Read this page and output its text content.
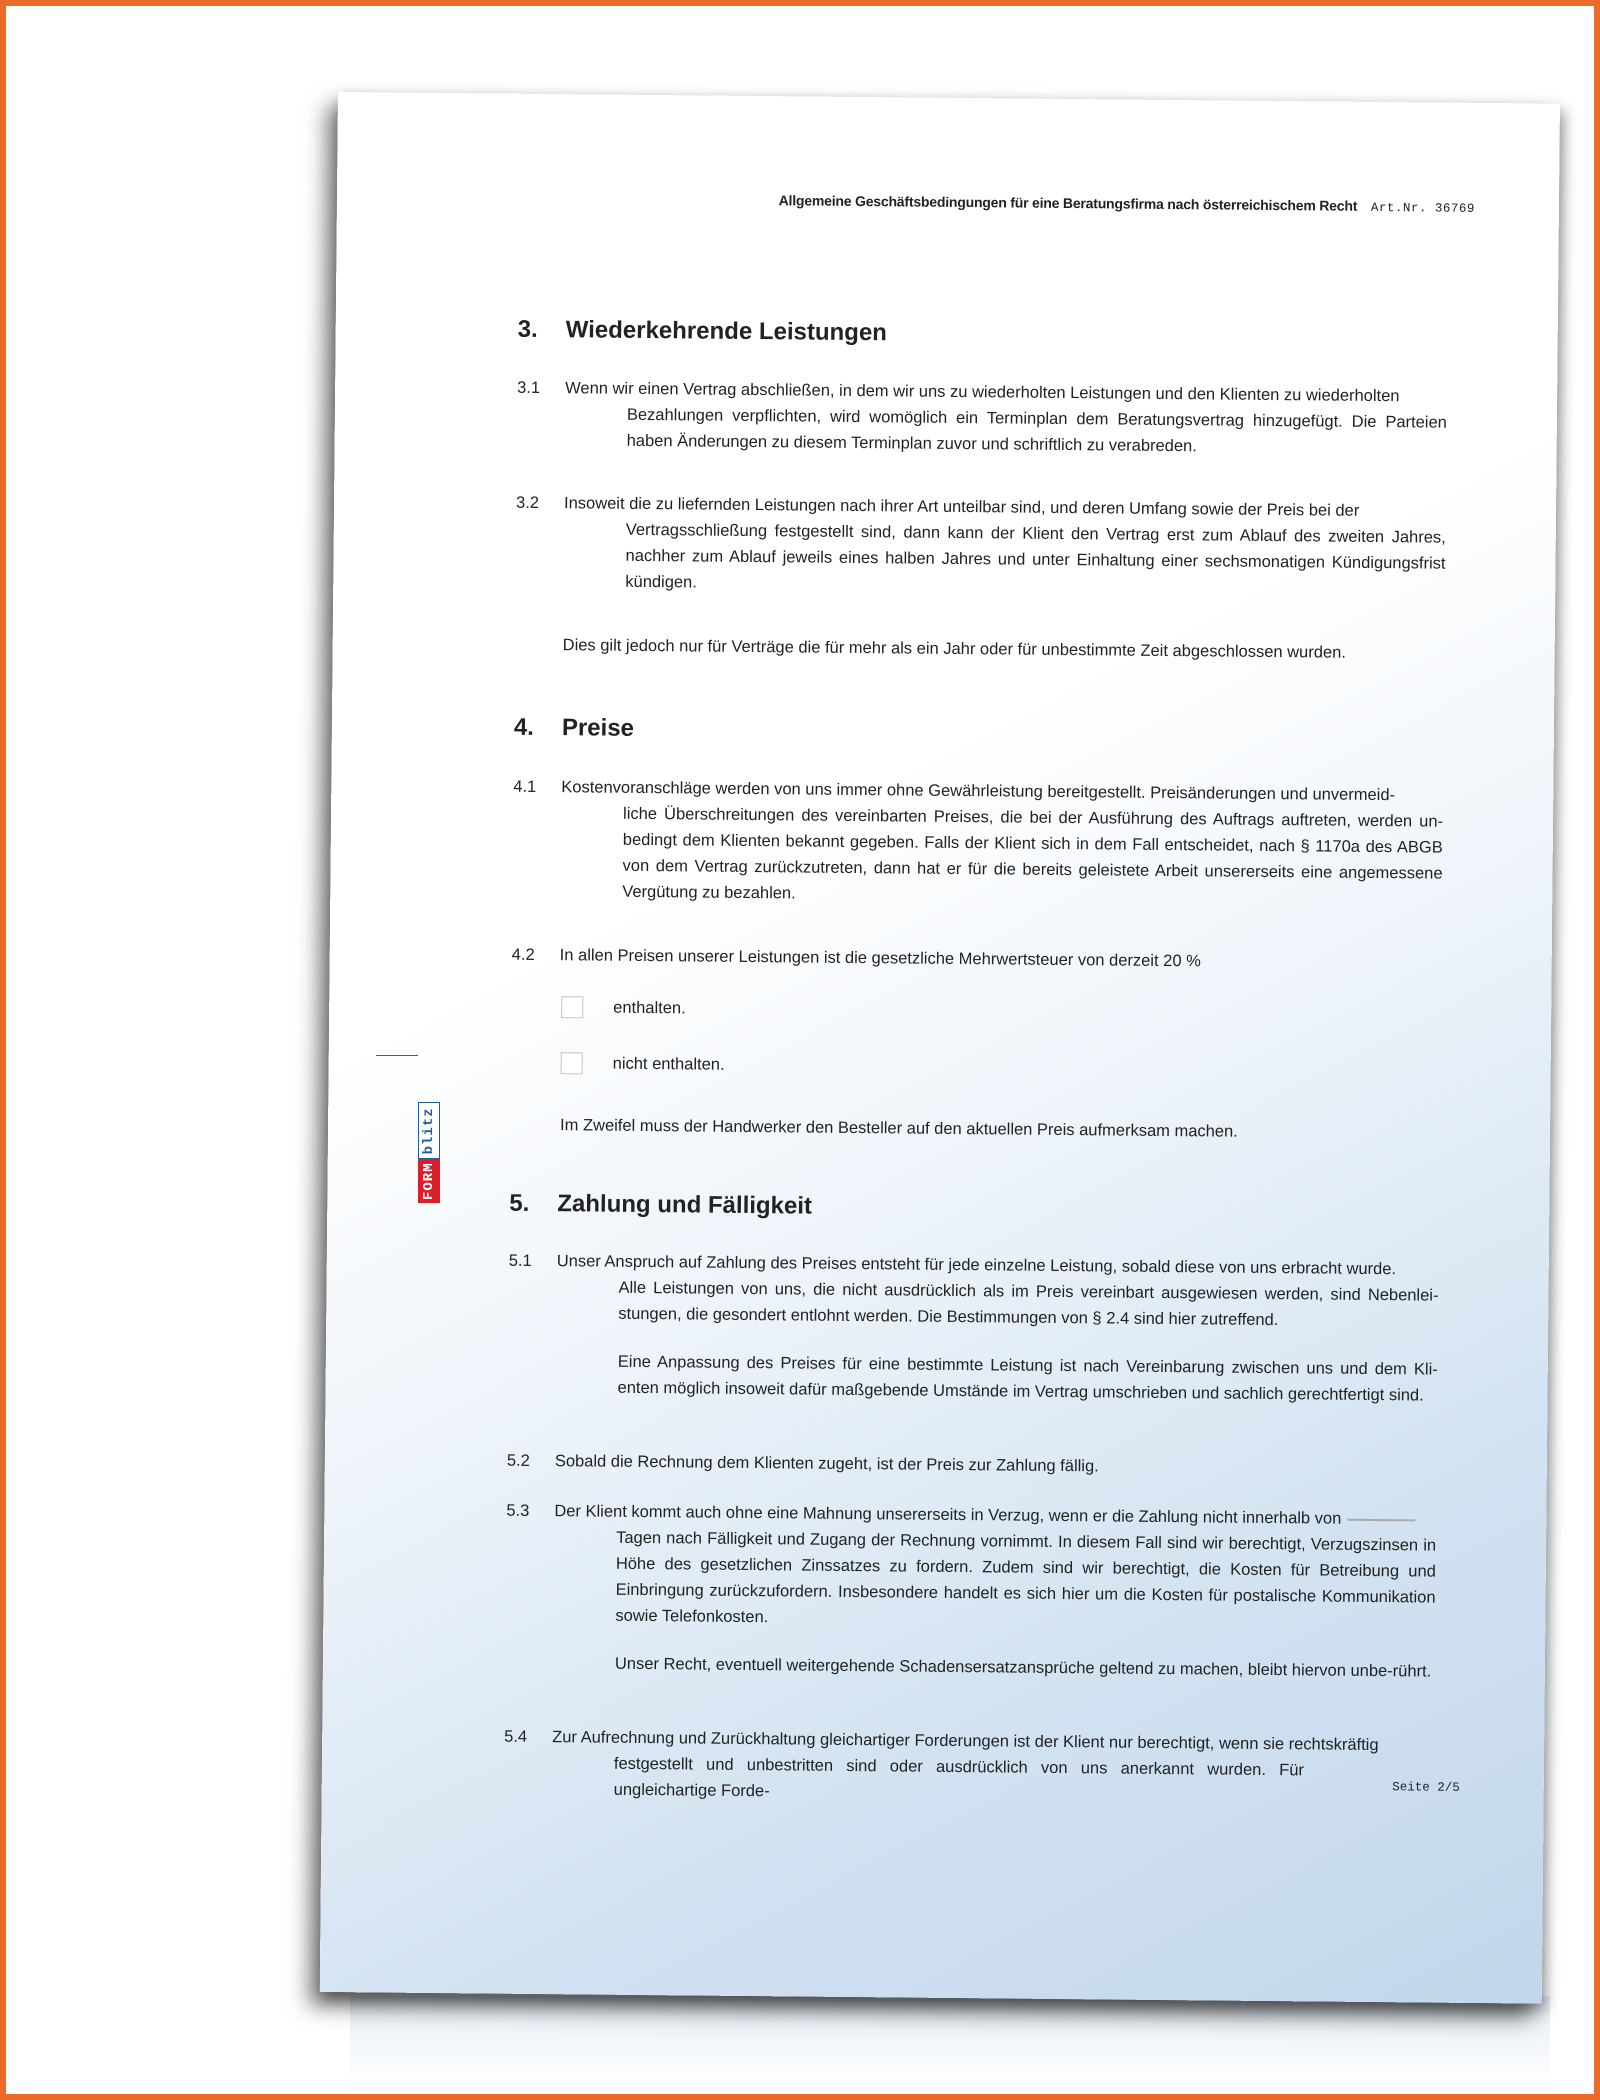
Allgemeine Geschäftsbedingungen für eine Beratungsfirma nach österreichischem Recht Art.Nr. 36769
3. Wiederkehrende Leistungen
3.1 Wenn wir einen Vertrag abschließen, in dem wir uns zu wiederholten Leistungen und den Klienten zu wiederholten
Bezahlungen verpflichten, wird womöglich ein Terminplan dem Beratungsvertrag hinzugefügt. Die Parteien haben Änderungen zu diesem Terminplan zuvor und schriftlich zu verabreden.
3.2 Insoweit die zu liefernden Leistungen nach ihrer Art unteilbar sind, und deren Umfang sowie der Preis bei der
Vertragsschließung festgestellt sind, dann kann der Klient den Vertrag erst zum Ablauf des zweiten Jahres, nachher zum Ablauf jeweils eines halben Jahres und unter Einhaltung einer sechsmonatigen Kündigungsfrist kündigen.
Dies gilt jedoch nur für Verträge die für mehr als ein Jahr oder für unbestimmte Zeit abgeschlossen wurden.
4. Preise
4.1 Kostenvoranschläge werden von uns immer ohne Gewährleistung bereitgestellt. Preisänderungen und unvermeid-
liche Überschreitungen des vereinbarten Preises, die bei der Ausführung des Auftrags auftreten, werden un-bedingt dem Klienten bekannt gegeben. Falls der Klient sich in dem Fall entscheidet, nach § 1170a des ABGB von dem Vertrag zurückzutreten, dann hat er für die bereits geleistete Arbeit unsererseits eine angemessene Vergütung zu bezahlen.
4.2 In allen Preisen unserer Leistungen ist die gesetzliche Mehrwertsteuer von derzeit 20 %
enthalten.
nicht enthalten.
Im Zweifel muss der Handwerker den Besteller auf den aktuellen Preis aufmerksam machen.
5. Zahlung und Fälligkeit
5.1 Unser Anspruch auf Zahlung des Preises entsteht für jede einzelne Leistung, sobald diese von uns erbracht wurde.
Alle Leistungen von uns, die nicht ausdrücklich als im Preis vereinbart ausgewiesen werden, sind Nebenlei-stungen, die gesondert entlohnt werden. Die Bestimmungen von § 2.4 sind hier zutreffend.
Eine Anpassung des Preises für eine bestimmte Leistung ist nach Vereinbarung zwischen uns und dem Kli-enten möglich insoweit dafür maßgebende Umstände im Vertrag umschrieben und sachlich gerechtfertigt sind.
5.2 Sobald die Rechnung dem Klienten zugeht, ist der Preis zur Zahlung fällig.
5.3 Der Klient kommt auch ohne eine Mahnung unsererseits in Verzug, wenn er die Zahlung nicht innerhalb von
Tagen nach Fälligkeit und Zugang der Rechnung vornimmt. In diesem Fall sind wir berechtigt, Verzugszinsen in Höhe des gesetzlichen Zinssatzes zu fordern. Zudem sind wir berechtigt, die Kosten für Betreibung und Einbringung zurückzufordern. Insbesondere handelt es sich hier um die Kosten für postalische Kommunikation sowie Telefonkosten.
Unser Recht, eventuell weitergehende Schadensersatzansprüche geltend zu machen, bleibt hiervon unbe-rührt.
5.4 Zur Aufrechnung und Zurückhaltung gleichartiger Forderungen ist der Klient nur berechtigt, wenn sie rechtskräftig
festgestellt und unbestritten sind oder ausdrücklich von uns anerkannt wurden. Für ungleichartige Forde-	Seite 2/5
FORM
blitz
